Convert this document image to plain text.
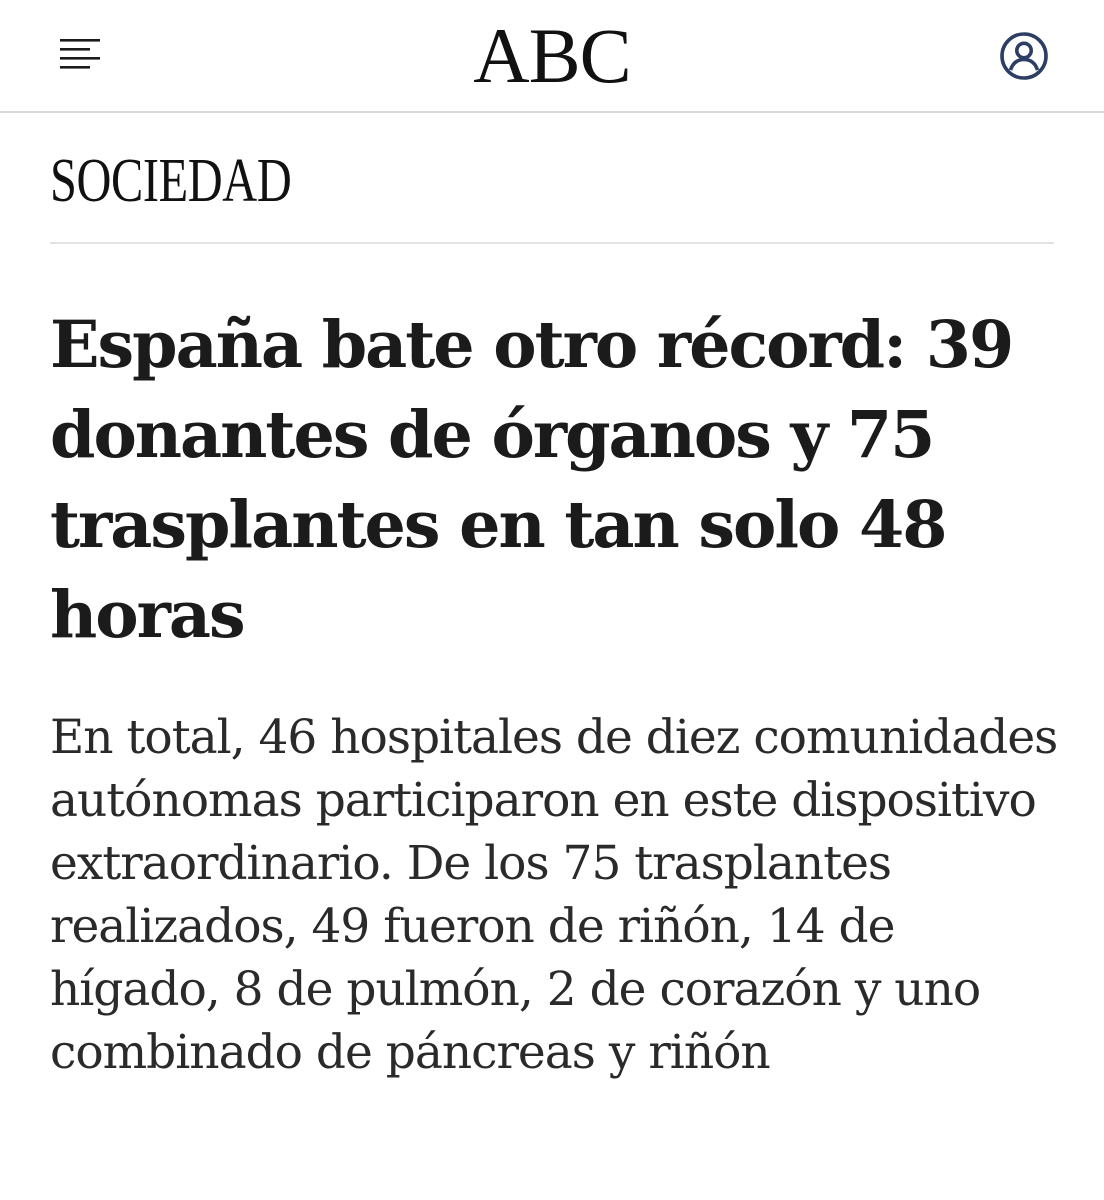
ABC
SOCIEDAD
España bate otro récord: 39 donantes de órganos y 75 trasplantes en tan solo 48 horas

En total, 46 hospitales de diez comunidades autónomas participaron en este dispositivo extraordinario. De los 75 trasplantes realizados, 49 fueron de riñón, 14 de hígado, 8 de pulmón, 2 de corazón y uno combinado de páncreas y riñón
